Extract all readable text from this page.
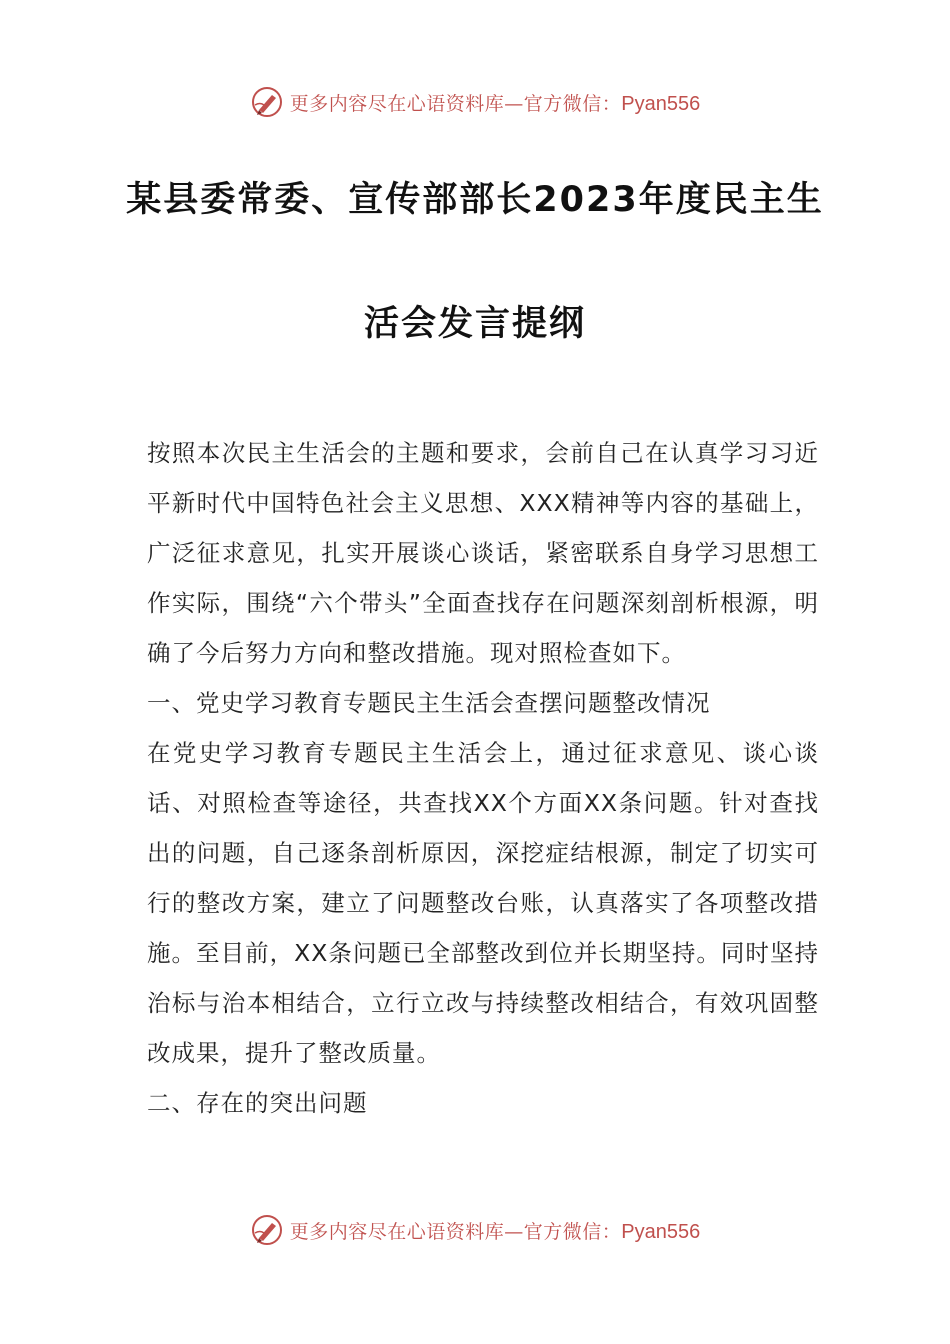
更多内容尽在心语资料库—官方微信：Pyan556
某县委常委、宣传部部长2023年度民主生
活会发言提纲

按照本次民主生活会的主题和要求，会前自己在认真学习习近平新时代中国特色社会主义思想、XXX精神等内容的基础上，广泛征求意见，扎实开展谈心谈话，紧密联系自身学习思想工作实际，围绕“六个带头”全面查找存在问题深刻剖析根源，明确了今后努力方向和整改措施。现对照检查如下。

一、党史学习教育专题民主生活会查摆问题整改情况

在党史学习教育专题民主生活会上，通过征求意见、谈心谈话、对照检查等途径，共查找XX个方面XX条问题。针对查找出的问题，自己逐条剖析原因，深挖症结根源，制定了切实可行的整改方案，建立了问题整改台账，认真落实了各项整改措施。至目前，XX条问题已全部整改到位并长期坚持。同时坚持治标与治本相结合，立行立改与持续整改相结合，有效巩固整改成果，提升了整改质量。

二、存在的突出问题

更多内容尽在心语资料库—官方微信：Pyan556
